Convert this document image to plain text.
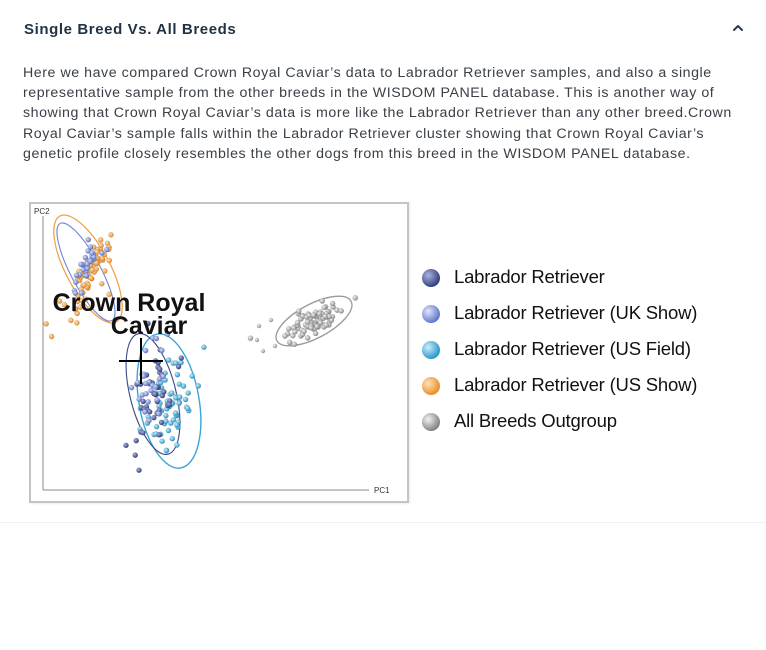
Single Breed Vs. All Breeds

Here we have compared Crown Royal Caviar’s data to Labrador Retriever samples, and also a single representative sample from the other breeds in the WISDOM PANEL database. This is another way of showing that Crown Royal Caviar’s data is more like the Labrador Retriever than any other breed.Crown Royal Caviar’s sample falls within the Labrador Retriever cluster showing that Crown Royal Caviar’s genetic profile closely resembles the other dogs from this breed in the WISDOM PANEL database.

PC2
PC1
Crown Royal
Caviar
Labrador Retriever
Labrador Retriever (UK Show)
Labrador Retriever (US Field)
Labrador Retriever (US Show)
All Breeds Outgroup
